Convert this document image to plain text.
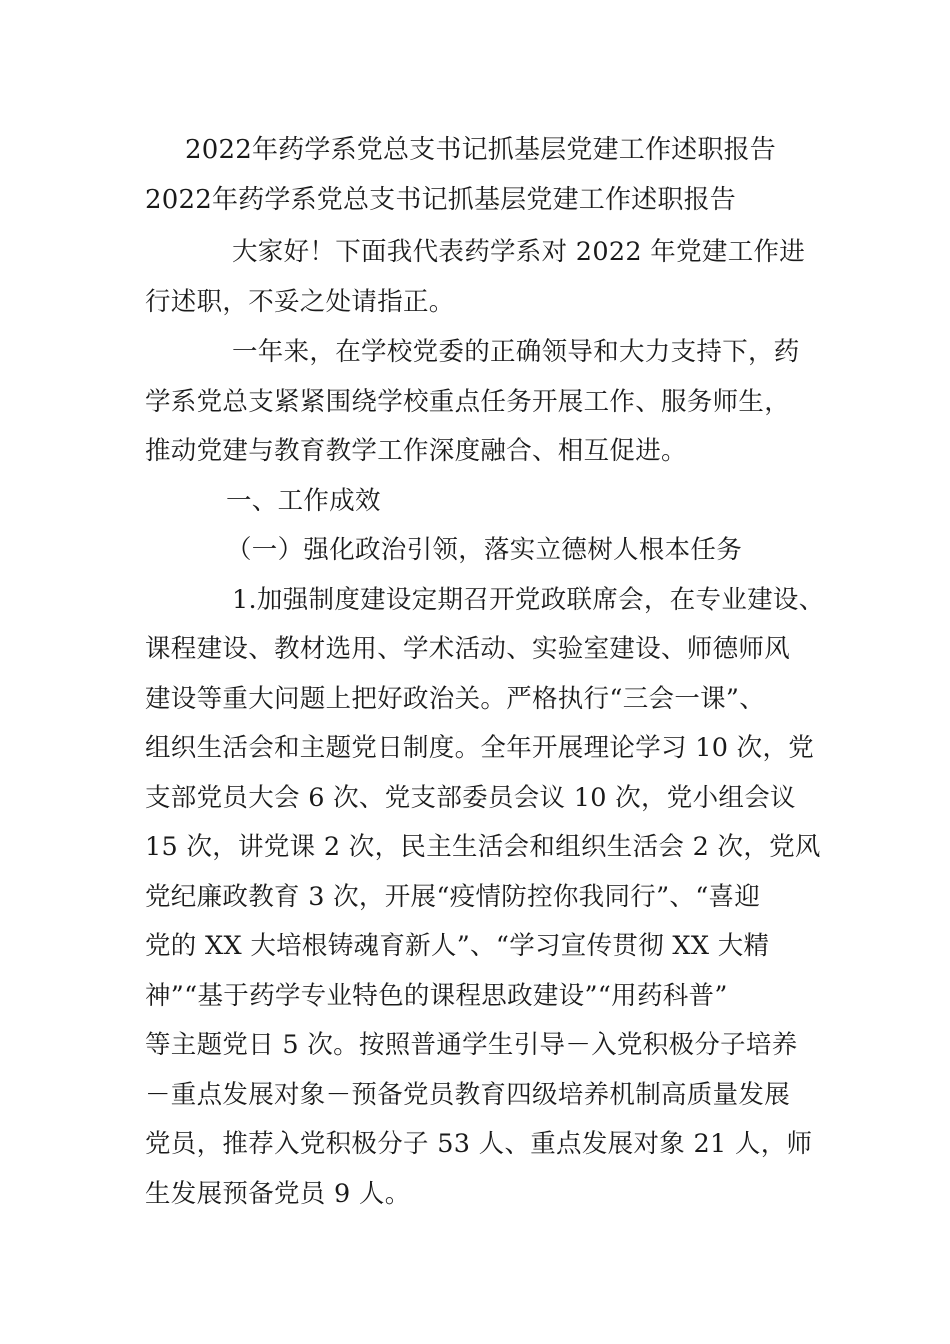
2022年药学系党总支书记抓基层党建工作述职报告
2022年药学系党总支书记抓基层党建工作述职报告
大家好！下面我代表药学系对 2022 年党建工作进
行述职，不妥之处请指正。
一年来，在学校党委的正确领导和大力支持下，药
学系党总支紧紧围绕学校重点任务开展工作、服务师生，
推动党建与教育教学工作深度融合、相互促进。
一、工作成效
（一）强化政治引领，落实立德树人根本任务
1.加强制度建设定期召开党政联席会，在专业建设、
课程建设、教材选用、学术活动、实验室建设、师德师风
建设等重大问题上把好政治关。严格执行“三会一课”、
组织生活会和主题党日制度。全年开展理论学习 10 次，党
支部党员大会 6 次、党支部委员会议 10 次，党小组会议
15 次，讲党课 2 次，民主生活会和组织生活会 2 次，党风
党纪廉政教育 3 次，开展“疫情防控你我同行”、“喜迎
党的 XX 大培根铸魂育新人”、“学习宣传贯彻 XX 大精
神”“基于药学专业特色的课程思政建设”“用药科普”
等主题党日 5 次。按照普通学生引导－入党积极分子培养
－重点发展对象－预备党员教育四级培养机制高质量发展
党员，推荐入党积极分子 53 人、重点发展对象 21 人，师
生发展预备党员 9 人。
